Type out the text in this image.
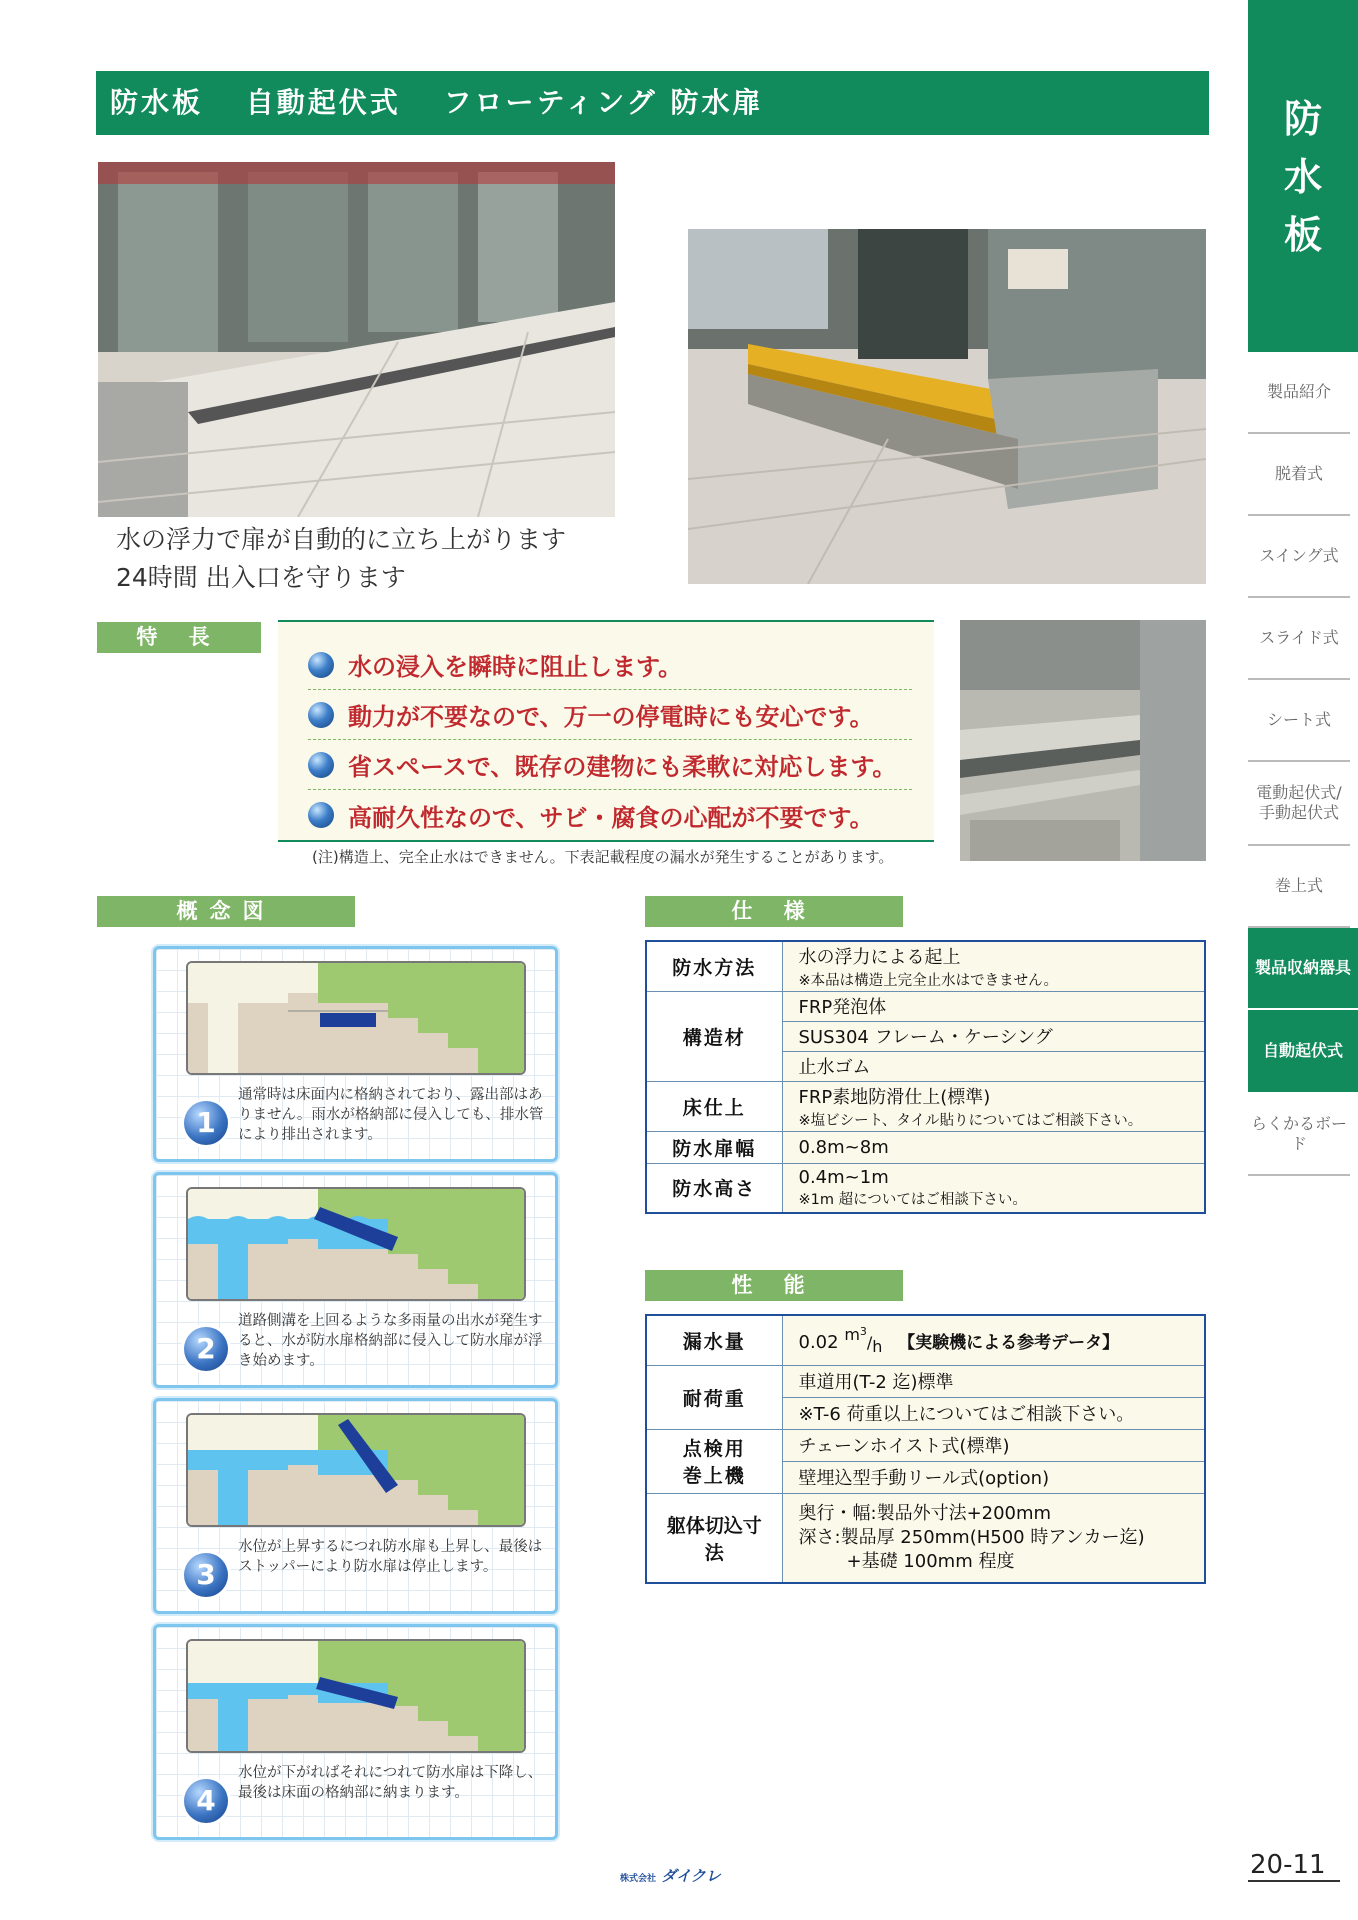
防水板 自動起伏式 フローティング 防水扉	防
水
板
製品紹介
脱着式
スイング式
スライド式
シート式
電動起伏式/
手動起伏式
巻上式
製品収納器具
自動起伏式
らくかるボード
水の浮力で扉が自動的に立ち上がります
24時間 出入口を守ります
特 長
水の浸入を瞬時に阻止します。
動力が不要なので、万一の停電時にも安心です。
省スペースで、既存の建物にも柔軟に対応します。
高耐久性なので、サビ・腐食の心配が不要です。
(注)構造上、完全止水はできません。下表記載程度の漏水が発生することがあります。
概念図
1
通常時は床面内に格納されており、露出部はありません。雨水が格納部に侵入しても、排水管により排出されます。
2
道路側溝を上回るような多雨量の出水が発生すると、水が防水扉格納部に侵入して防水扉が浮き始めます。
3
水位が上昇するにつれ防水扉も上昇し、最後はストッパーにより防水扉は停止します。
4
水位が下がればそれにつれて防水扉は下降し、最後は床面の格納部に納まります。
仕 様
防水方法	水の浮力による起上
※本品は構造上完全止水はできません。

構造材	FRP発泡体
	SUS304 フレーム・ケーシング
	止水ゴム
床仕上	FRP素地防滑仕上(標準)
※塩ビシート、タイル貼りについてはご相談下さい。

防水扉幅	0.8m~8m
防水高さ	0.4m~1m
※1m 超についてはご相談下さい。
性 能
漏水量	0.02 $m^3/h$ 【実験機による参考データ】
耐荷重	車道用(T-2 迄)標準
	※T-6 荷重以上についてはご相談下さい。

点検用
巻上機	チェーンホイスト式(標準)
	壁埋込型手動リール式(option)
躯体切込寸法	奥行・幅:製品外寸法+200mm
深さ:製品厚 250mm(H500 時アンカー迄)
+基礎 100mm 程度
株式会社 ダイクレ	20-11
